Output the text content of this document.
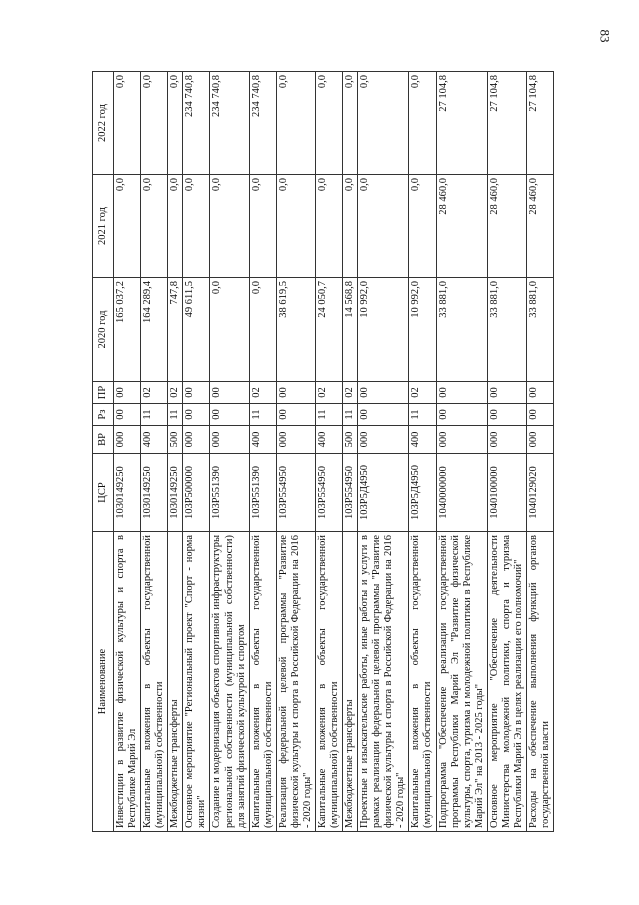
83
Наименование	ЦСР	ВР	Рз	ПР	2020 год	2021 год	2022 год
Инвестиции в развитие физической культуры и спорта в Республике Марий Эл	1030149250	000	00	00	165 037,2	0,0	0,0
Капитальные вложения в объекты государственной (муниципальной) собственности	1030149250	400	11	02	164 289,4	0,0	0,0
Межбюджетные трансферты	1030149250	500	11	02	747,8	0,0	0,0
Основное мероприятие "Региональный проект "Спорт - норма жизни"	103P500000	000	00	00	49 611,5	0,0	234 740,8
Создание и модернизация объектов спортивной инфраструктуры региональной собственности (муниципальной собственности) для занятий физической культурой и спортом	103P551390	000	00	00	0,0	0,0	234 740,8
Капитальные вложения в объекты государственной (муниципальной) собственности	103P551390	400	11	02	0,0	0,0	234 740,8
Реализация федеральной целевой программы "Развитие физической культуры и спорта в Российской Федерации на 2016 - 2020 годы"	103P554950	000	00	00	38 619,5	0,0	0,0
Капитальные вложения в объекты государственной (муниципальной) собственности	103P554950	400	11	02	24 050,7	0,0	0,0
Межбюджетные трансферты	103P554950	500	11	02	14 568,8	0,0	0,0
Проектные и изыскательские работы, иные работы и услуги в рамках реализации федеральной целевой программы "Развитие физической культуры и спорта в Российской Федерации на 2016 - 2020 годы"	103P5Д4950	000	00	00	10 992,0	0,0	0,0
Капитальные вложения в объекты государственной (муниципальной) собственности	103P5Д4950	400	11	02	10 992,0	0,0	0,0
Подпрограмма "Обеспечение реализации государственной программы Республики Марий Эл "Развитие физической культуры, спорта, туризма и молодежной политики в Республике Марий Эл" на 2013 - 2025 годы"	1040000000	000	00	00	33 881,0	28 460,0	27 104,8
Основное мероприятие "Обеспечение деятельности Министерства молодежной политики, спорта и туризма Республики Марий Эл в целях реализации его полномочий"	1040100000	000	00	00	33 881,0	28 460,0	27 104,8
Расходы на обеспечение выполнения функций органов государственной власти	1040129020	000	00	00	33 881,0	28 460,0	27 104,8
